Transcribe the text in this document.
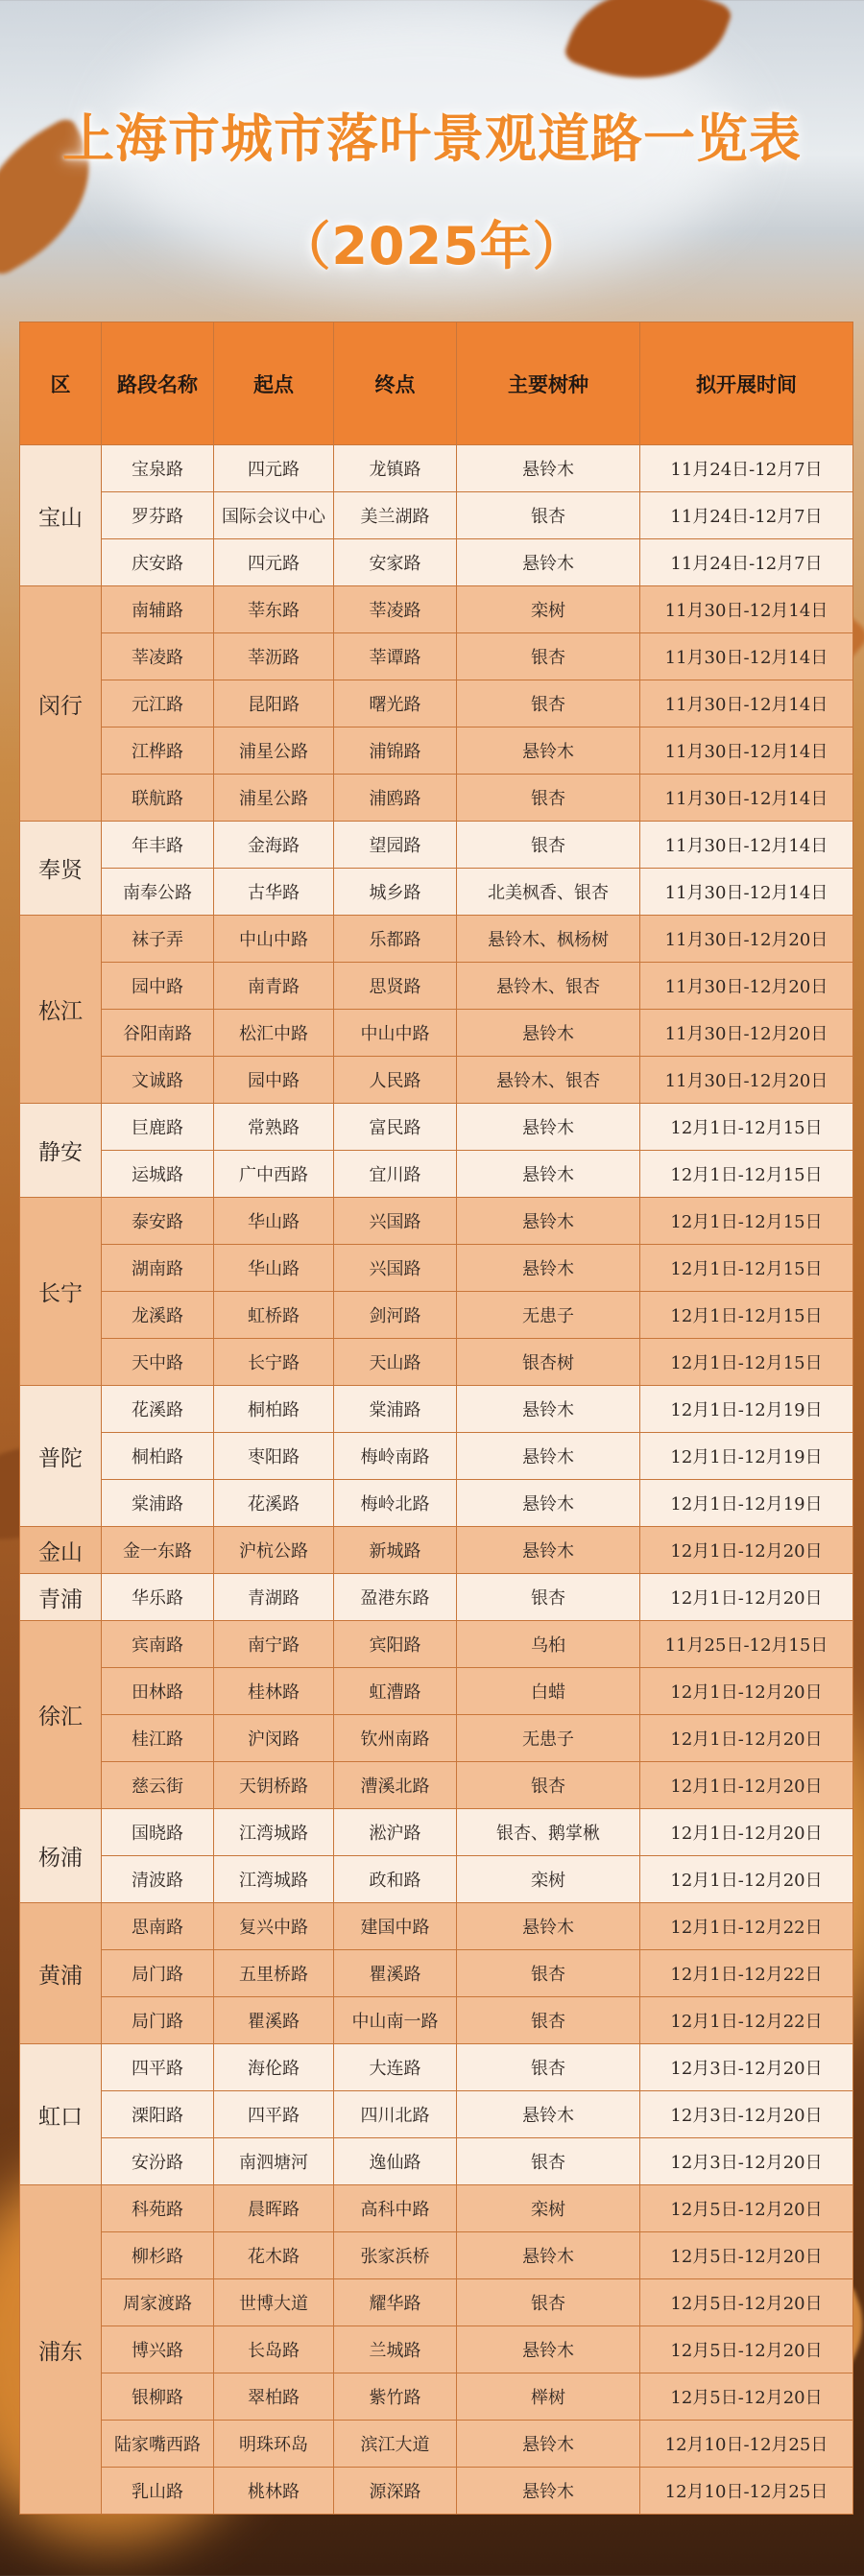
上海市城市落叶景观道路一览表
（2025年）
区	路段名称	起点	终点	主要树种	拟开展时间
宝山	宝泉路	四元路	龙镇路	悬铃木	11月24日-12月7日
	罗芬路	国际会议中心	美兰湖路	银杏	11月24日-12月7日
	庆安路	四元路	安家路	悬铃木	11月24日-12月7日
闵行	南辅路	莘东路	莘凌路	栾树	11月30日-12月14日
	莘凌路	莘沥路	莘谭路	银杏	11月30日-12月14日
	元江路	昆阳路	曙光路	银杏	11月30日-12月14日
	江桦路	浦星公路	浦锦路	悬铃木	11月30日-12月14日
	联航路	浦星公路	浦鸥路	银杏	11月30日-12月14日
奉贤	年丰路	金海路	望园路	银杏	11月30日-12月14日
	南奉公路	古华路	城乡路	北美枫香、银杏	11月30日-12月14日
松江	袜子弄	中山中路	乐都路	悬铃木、枫杨树	11月30日-12月20日
	园中路	南青路	思贤路	悬铃木、银杏	11月30日-12月20日
	谷阳南路	松汇中路	中山中路	悬铃木	11月30日-12月20日
	文诚路	园中路	人民路	悬铃木、银杏	11月30日-12月20日
静安	巨鹿路	常熟路	富民路	悬铃木	12月1日-12月15日
	运城路	广中西路	宜川路	悬铃木	12月1日-12月15日
长宁	泰安路	华山路	兴国路	悬铃木	12月1日-12月15日
	湖南路	华山路	兴国路	悬铃木	12月1日-12月15日
	龙溪路	虹桥路	剑河路	无患子	12月1日-12月15日
	天中路	长宁路	天山路	银杏树	12月1日-12月15日
普陀	花溪路	桐柏路	棠浦路	悬铃木	12月1日-12月19日
	桐柏路	枣阳路	梅岭南路	悬铃木	12月1日-12月19日
	棠浦路	花溪路	梅岭北路	悬铃木	12月1日-12月19日
金山	金一东路	沪杭公路	新城路	悬铃木	12月1日-12月20日
青浦	华乐路	青湖路	盈港东路	银杏	12月1日-12月20日
徐汇	宾南路	南宁路	宾阳路	乌桕	11月25日-12月15日
	田林路	桂林路	虹漕路	白蜡	12月1日-12月20日
	桂江路	沪闵路	钦州南路	无患子	12月1日-12月20日
	慈云街	天钥桥路	漕溪北路	银杏	12月1日-12月20日
杨浦	国晓路	江湾城路	淞沪路	银杏、鹅掌楸	12月1日-12月20日
	清波路	江湾城路	政和路	栾树	12月1日-12月20日
黄浦	思南路	复兴中路	建国中路	悬铃木	12月1日-12月22日
	局门路	五里桥路	瞿溪路	银杏	12月1日-12月22日
	局门路	瞿溪路	中山南一路	银杏	12月1日-12月22日
虹口	四平路	海伦路	大连路	银杏	12月3日-12月20日
	溧阳路	四平路	四川北路	悬铃木	12月3日-12月20日
	安汾路	南泗塘河	逸仙路	银杏	12月3日-12月20日
浦东	科苑路	晨晖路	高科中路	栾树	12月5日-12月20日
	柳杉路	花木路	张家浜桥	悬铃木	12月5日-12月20日
	周家渡路	世博大道	耀华路	银杏	12月5日-12月20日
	博兴路	长岛路	兰城路	悬铃木	12月5日-12月20日
	银柳路	翠柏路	紫竹路	榉树	12月5日-12月20日
	陆家嘴西路	明珠环岛	滨江大道	悬铃木	12月10日-12月25日
	乳山路	桃林路	源深路	悬铃木	12月10日-12月25日
